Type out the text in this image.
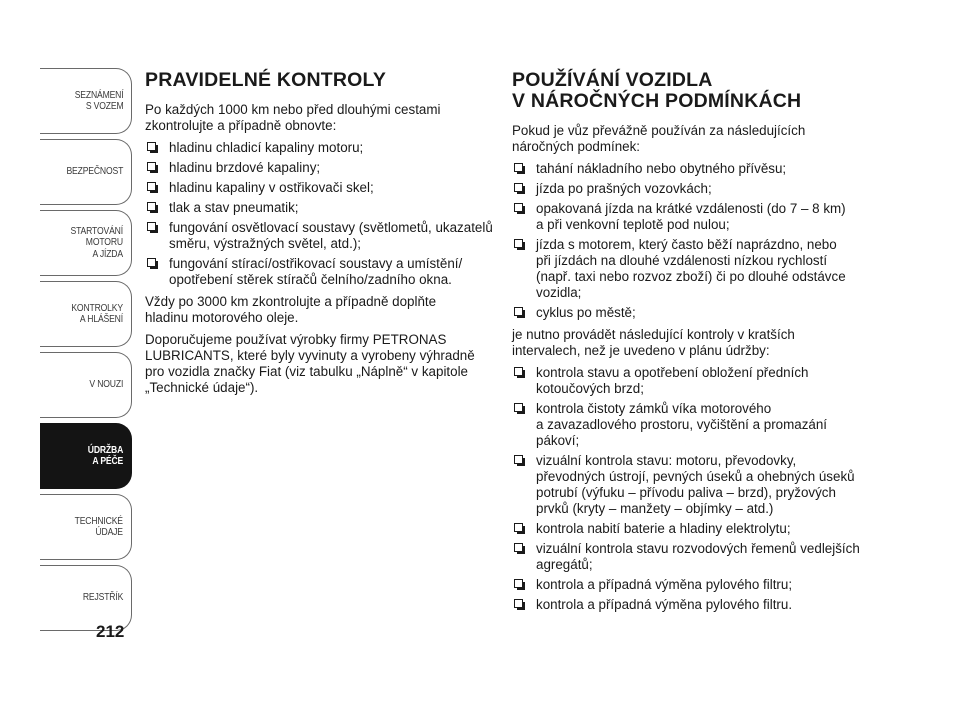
SEZNÁMENÍ
S VOZEM
BEZPEČNOST
STARTOVÁNÍ
MOTORU
A JÍZDA
KONTROLKY
A HLÁŠENÍ
V NOUZI
ÚDRŽBA
A PÉČE
TECHNICKÉ
ÚDAJE
REJSTŘÍK
212
PRAVIDELNÉ KONTROLY

Po každých 1000 km nebo před dlouhými cestami
zkontrolujte a případně obnovte:

hladinu chladicí kapaliny motoru;
hladinu brzdové kapaliny;
hladinu kapaliny v ostřikovači skel;
tlak a stav pneumatik;
fungování osvětlovací soustavy (světlometů, ukazatelů
směru, výstražných světel, atd.);
fungování stírací/ostřikovací soustavy a umístění/
opotřebení stěrek stíračů čelního/zadního okna.

Vždy po 3000 km zkontrolujte a případně doplňte
hladinu motorového oleje.

Doporučujeme používat výrobky firmy PETRONAS
LUBRICANTS, které byly vyvinuty a vyrobeny výhradně
pro vozidla značky Fiat (viz tabulku „Náplně“ v kapitole
„Technické údaje“).

POUŽÍVÁNÍ VOZIDLA
V NÁROČNÝCH PODMÍNKÁCH

Pokud je vůz převážně používán za následujících
náročných podmínek:

tahání nákladního nebo obytného přívěsu;
jízda po prašných vozovkách;
opakovaná jízda na krátké vzdálenosti (do 7 – 8 km)
a při venkovní teplotě pod nulou;
jízda s motorem, který často běží naprázdno, nebo
při jízdách na dlouhé vzdálenosti nízkou rychlostí
(např. taxi nebo rozvoz zboží) či po dlouhé odstávce
vozidla;
cyklus po městě;

je nutno provádět následující kontroly v kratších
intervalech, než je uvedeno v plánu údržby:

kontrola stavu a opotřebení obložení předních
kotoučových brzd;
kontrola čistoty zámků víka motorového
a zavazadlového prostoru, vyčištění a promazání
pákoví;
vizuální kontrola stavu: motoru, převodovky,
převodných ústrojí, pevných úseků a ohebných úseků
potrubí (výfuku – přívodu paliva – brzd), pryžových
prvků (kryty – manžety – objímky – atd.)
kontrola nabití baterie a hladiny elektrolytu;
vizuální kontrola stavu rozvodových řemenů vedlejších
agregátů;
kontrola a případná výměna pylového filtru;
kontrola a případná výměna pylového filtru.
